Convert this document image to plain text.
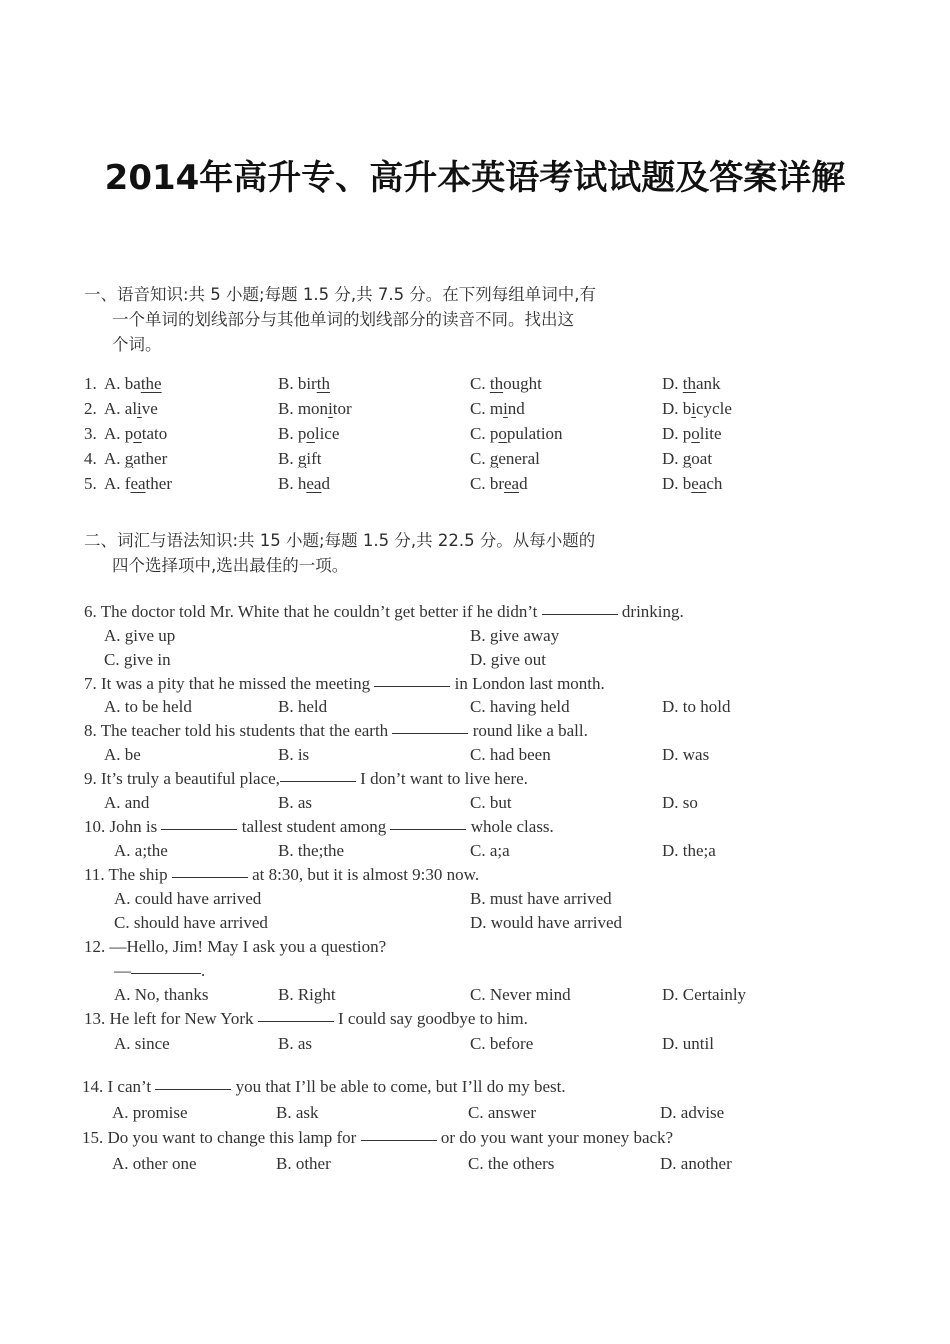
2014年高升专、高升本英语考试试题及答案详解
一、语音知识:共 5 小题;每题 1.5 分,共 7.5 分。在下列每组单词中,有
一个单词的划线部分与其他单词的划线部分的读音不同。找出这
个词。
1. A. bathe	B. birth	C. thought	D. thank
2. A. alive	B. monitor	C. mind	D. bicycle
3. A. potato	B. police	C. population	D. polite
4. A. gather	B. gift	C. general	D. goat
5. A. feather	B. head	C. bread	D. beach
二、词汇与语法知识:共 15 小题;每题 1.5 分,共 22.5 分。从每小题的
四个选择项中,选出最佳的一项。
6. The doctor told Mr. White that he couldn’t get better if he didn’t	drinking.
A. give up	B. give away
C. give in	D. give out
7. It was a pity that he missed the meeting	in London last month.
A. to be held	B. held	C. having held	D. to hold
8. The teacher told his students that the earth	round like a ball.
A. be	B. is	C. had been	D. was
9. It’s truly a beautiful place,	I don’t want to live here.
A. and	B. as	C. but	D. so
10. John is	tallest student among	whole class.
A. a;the	B. the;the	C. a;a	D. the;a
11. The ship	at 8:30, but it is almost 9:30 now.
A. could have arrived	B. must have arrived
C. should have arrived	D. would have arrived
12. —Hello, Jim! May I ask you a question?
—	.
A. No, thanks	B. Right	C. Never mind	D. Certainly
13. He left for New York	I could say goodbye to him.
A. since	B. as	C. before	D. until
14. I can’t	you that I’ll be able to come, but I’ll do my best.
A. promise	B. ask	C. answer	D. advise
15. Do you want to change this lamp for	or do you want your money back?
A. other one	B. other	C. the others	D. another
